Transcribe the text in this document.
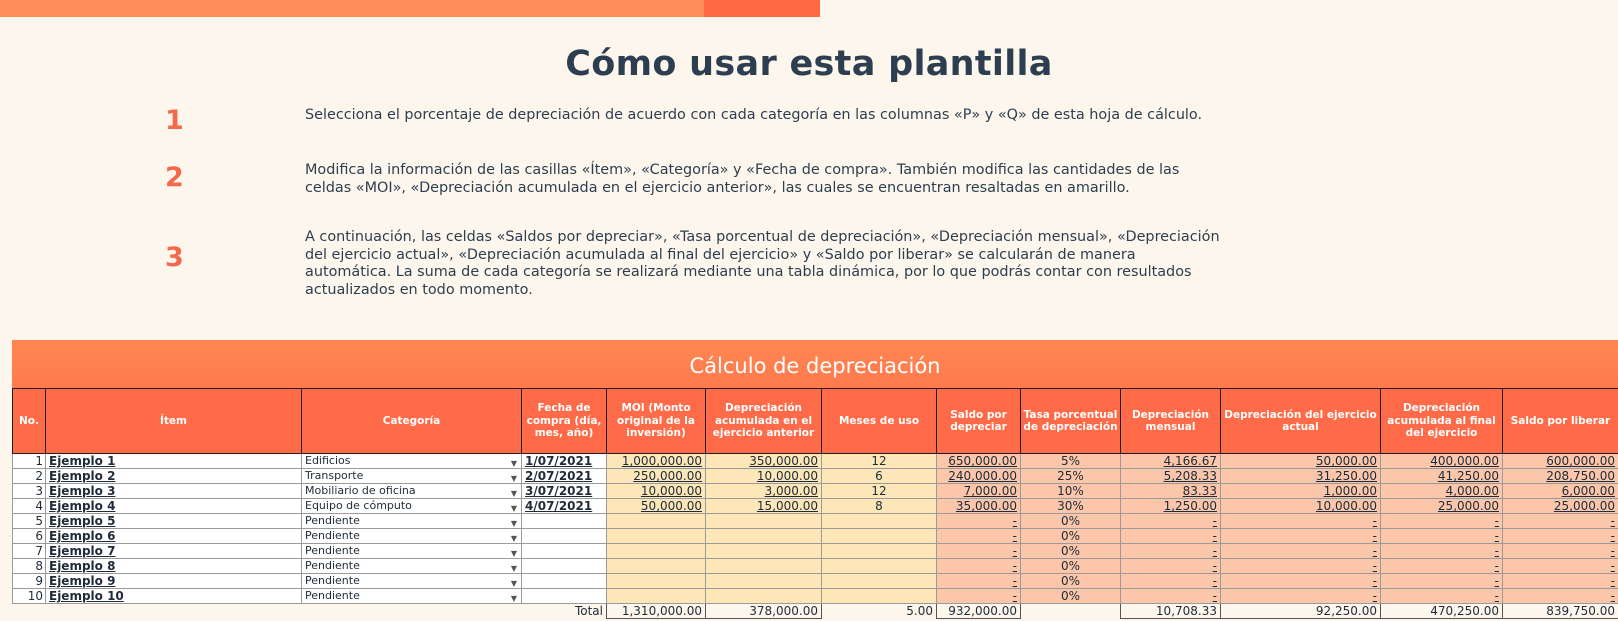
Cómo usar esta plantilla
1	Selecciona el porcentaje de depreciación de acuerdo con cada categoría en las columnas «P» y «Q» de esta hoja de cálculo.
2	Modifica la información de las casillas «Ítem», «Categoría» y «Fecha de compra». También modifica las cantidades de las celdas «MOI», «Depreciación acumulada en el ejercicio anterior», las cuales se encuentran resaltadas en amarillo.
3
A continuación, las celdas «Saldos por depreciar», «Tasa porcentual de depreciación», «Depreciación mensual», «Depreciación del ejercicio actual», «Depreciación acumulada al final del ejercicio» y «Saldo por liberar» se calcularán de manera automática. La suma de cada categoría se realizará mediante una tabla dinámica, por lo que podrás contar con resultados actualizados en todo momento.
Cálculo de depreciación
No.	Ítem	Categoría	Fecha de compra (día, mes, año)	MOI (Monto original de la inversión)	Depreciación acumulada en el ejercicio anterior	Meses de uso	Saldo por depreciar	Tasa porcentual de depreciación	Depreciación mensual	Depreciación del ejercicio actual	Depreciación acumulada al final del ejercicio	Saldo por liberar
1	Ejemplo 1	Edificios ▼	1/07/2021	1,000,000.00	350,000.00	12	650,000.00	5%	4,166.67	50,000.00	400,000.00	600,000.00
2	Ejemplo 2	Transporte ▼	2/07/2021	250,000.00	10,000.00	6	240,000.00	25%	5,208.33	31,250.00	41,250.00	208,750.00
3	Ejemplo 3	Mobiliario de oficina ▼	3/07/2021	10,000.00	3,000.00	12	7,000.00	10%	83.33	1,000.00	4,000.00	6,000.00
4	Ejemplo 4	Equipo de cómputo ▼	4/07/2021	50,000.00	15,000.00	8	35,000.00	30%	1,250.00	10,000.00	25,000.00	25,000.00
5	Ejemplo 5	Pendiente ▼					-	0%	-	-	-	-
6	Ejemplo 6	Pendiente ▼					-	0%	-	-	-	-
7	Ejemplo 7	Pendiente ▼					-	0%	-	-	-	-
8	Ejemplo 8	Pendiente ▼					-	0%	-	-	-	-
9	Ejemplo 9	Pendiente ▼					-	0%	-	-	-	-
10	Ejemplo 10	Pendiente ▼					-	0%	-	-	-	-
			Total	1,310,000.00	378,000.00	5.00	932,000.00		10,708.33	92,250.00	470,250.00	839,750.00
